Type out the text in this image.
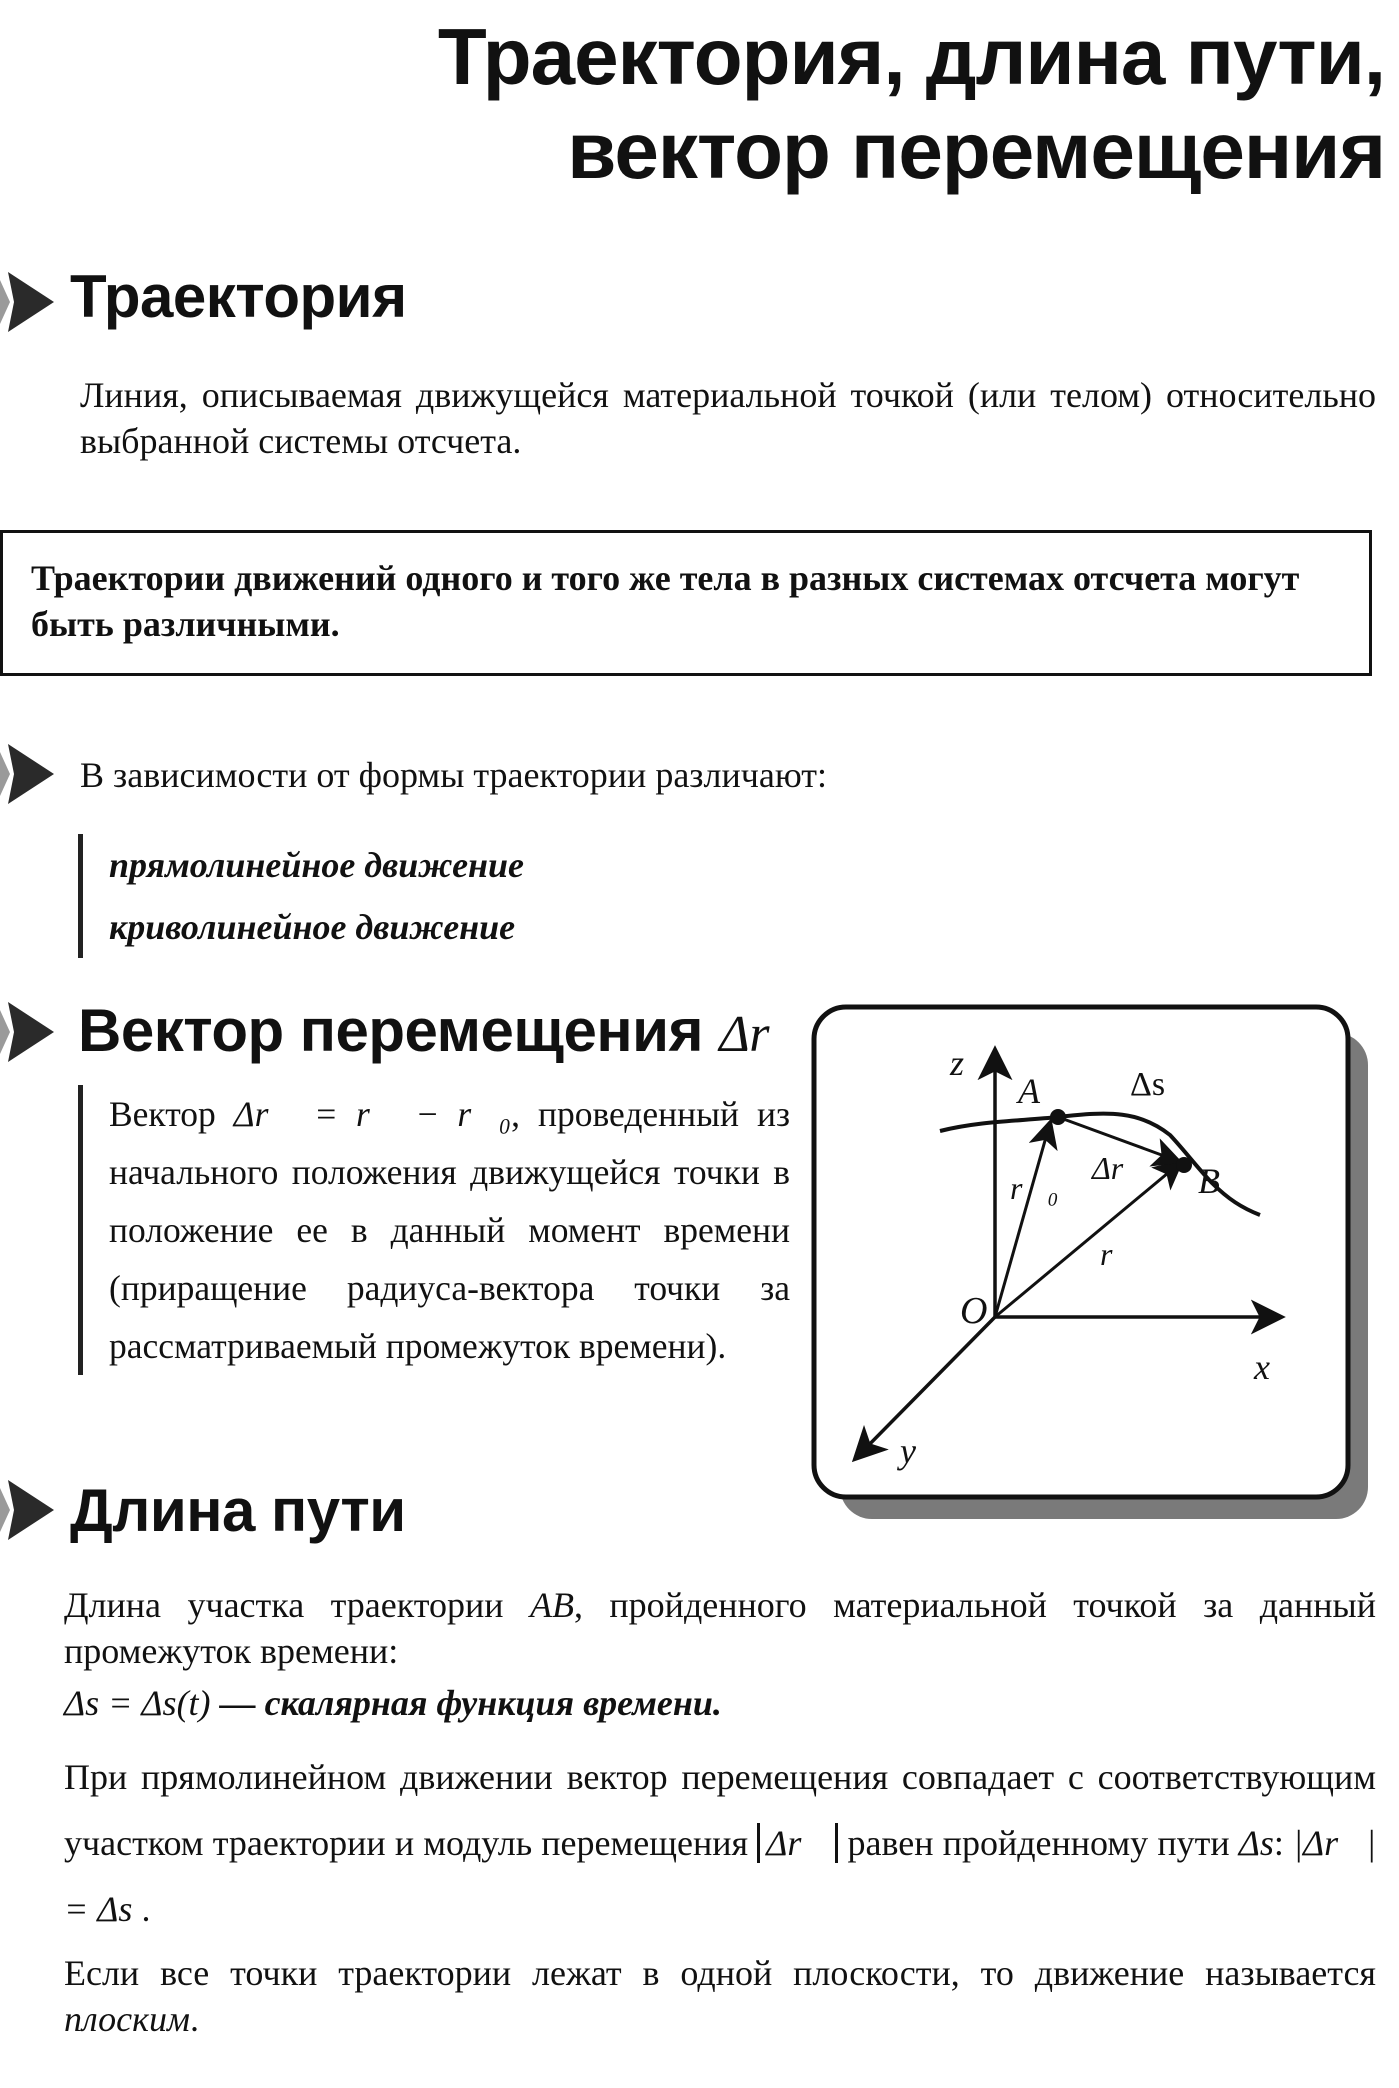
Траектория, длина пути,
вектор перемещения
Траектория
Линия, описываемая движущейся материальной точкой (или телом) относительно выбранной системы отсчета.
Траектории движений одного и того же тела в разных системах отсчета могут быть различными.
В зависимости от формы траектории различают:
прямолинейное движение
криволинейное движение
Вектор перемещения Δr⃗
Вектор Δr⃗ = r⃗ − r⃗₀, проведенный из начального положения движущейся точки в положение ее в данный момент времени (приращение радиуса-вектора точки за рассматриваемый промежуток времени).
z
x
y
O
A
B
Δs
Δr⃗
r⃗₀
r⃗
Длина пути
Длина участка траектории AB, пройденного материальной точкой за данный промежуток времени:
Δs = Δs(t) — скалярная функция времени.
При прямолинейном движении вектор перемещения совпадает с соответствующим участком траектории и модуль перемещения Δr⃗ равен пройденному пути Δs: |Δr⃗| = Δs .
Если все точки траектории лежат в одной плоскости, то движение называется плоским.
